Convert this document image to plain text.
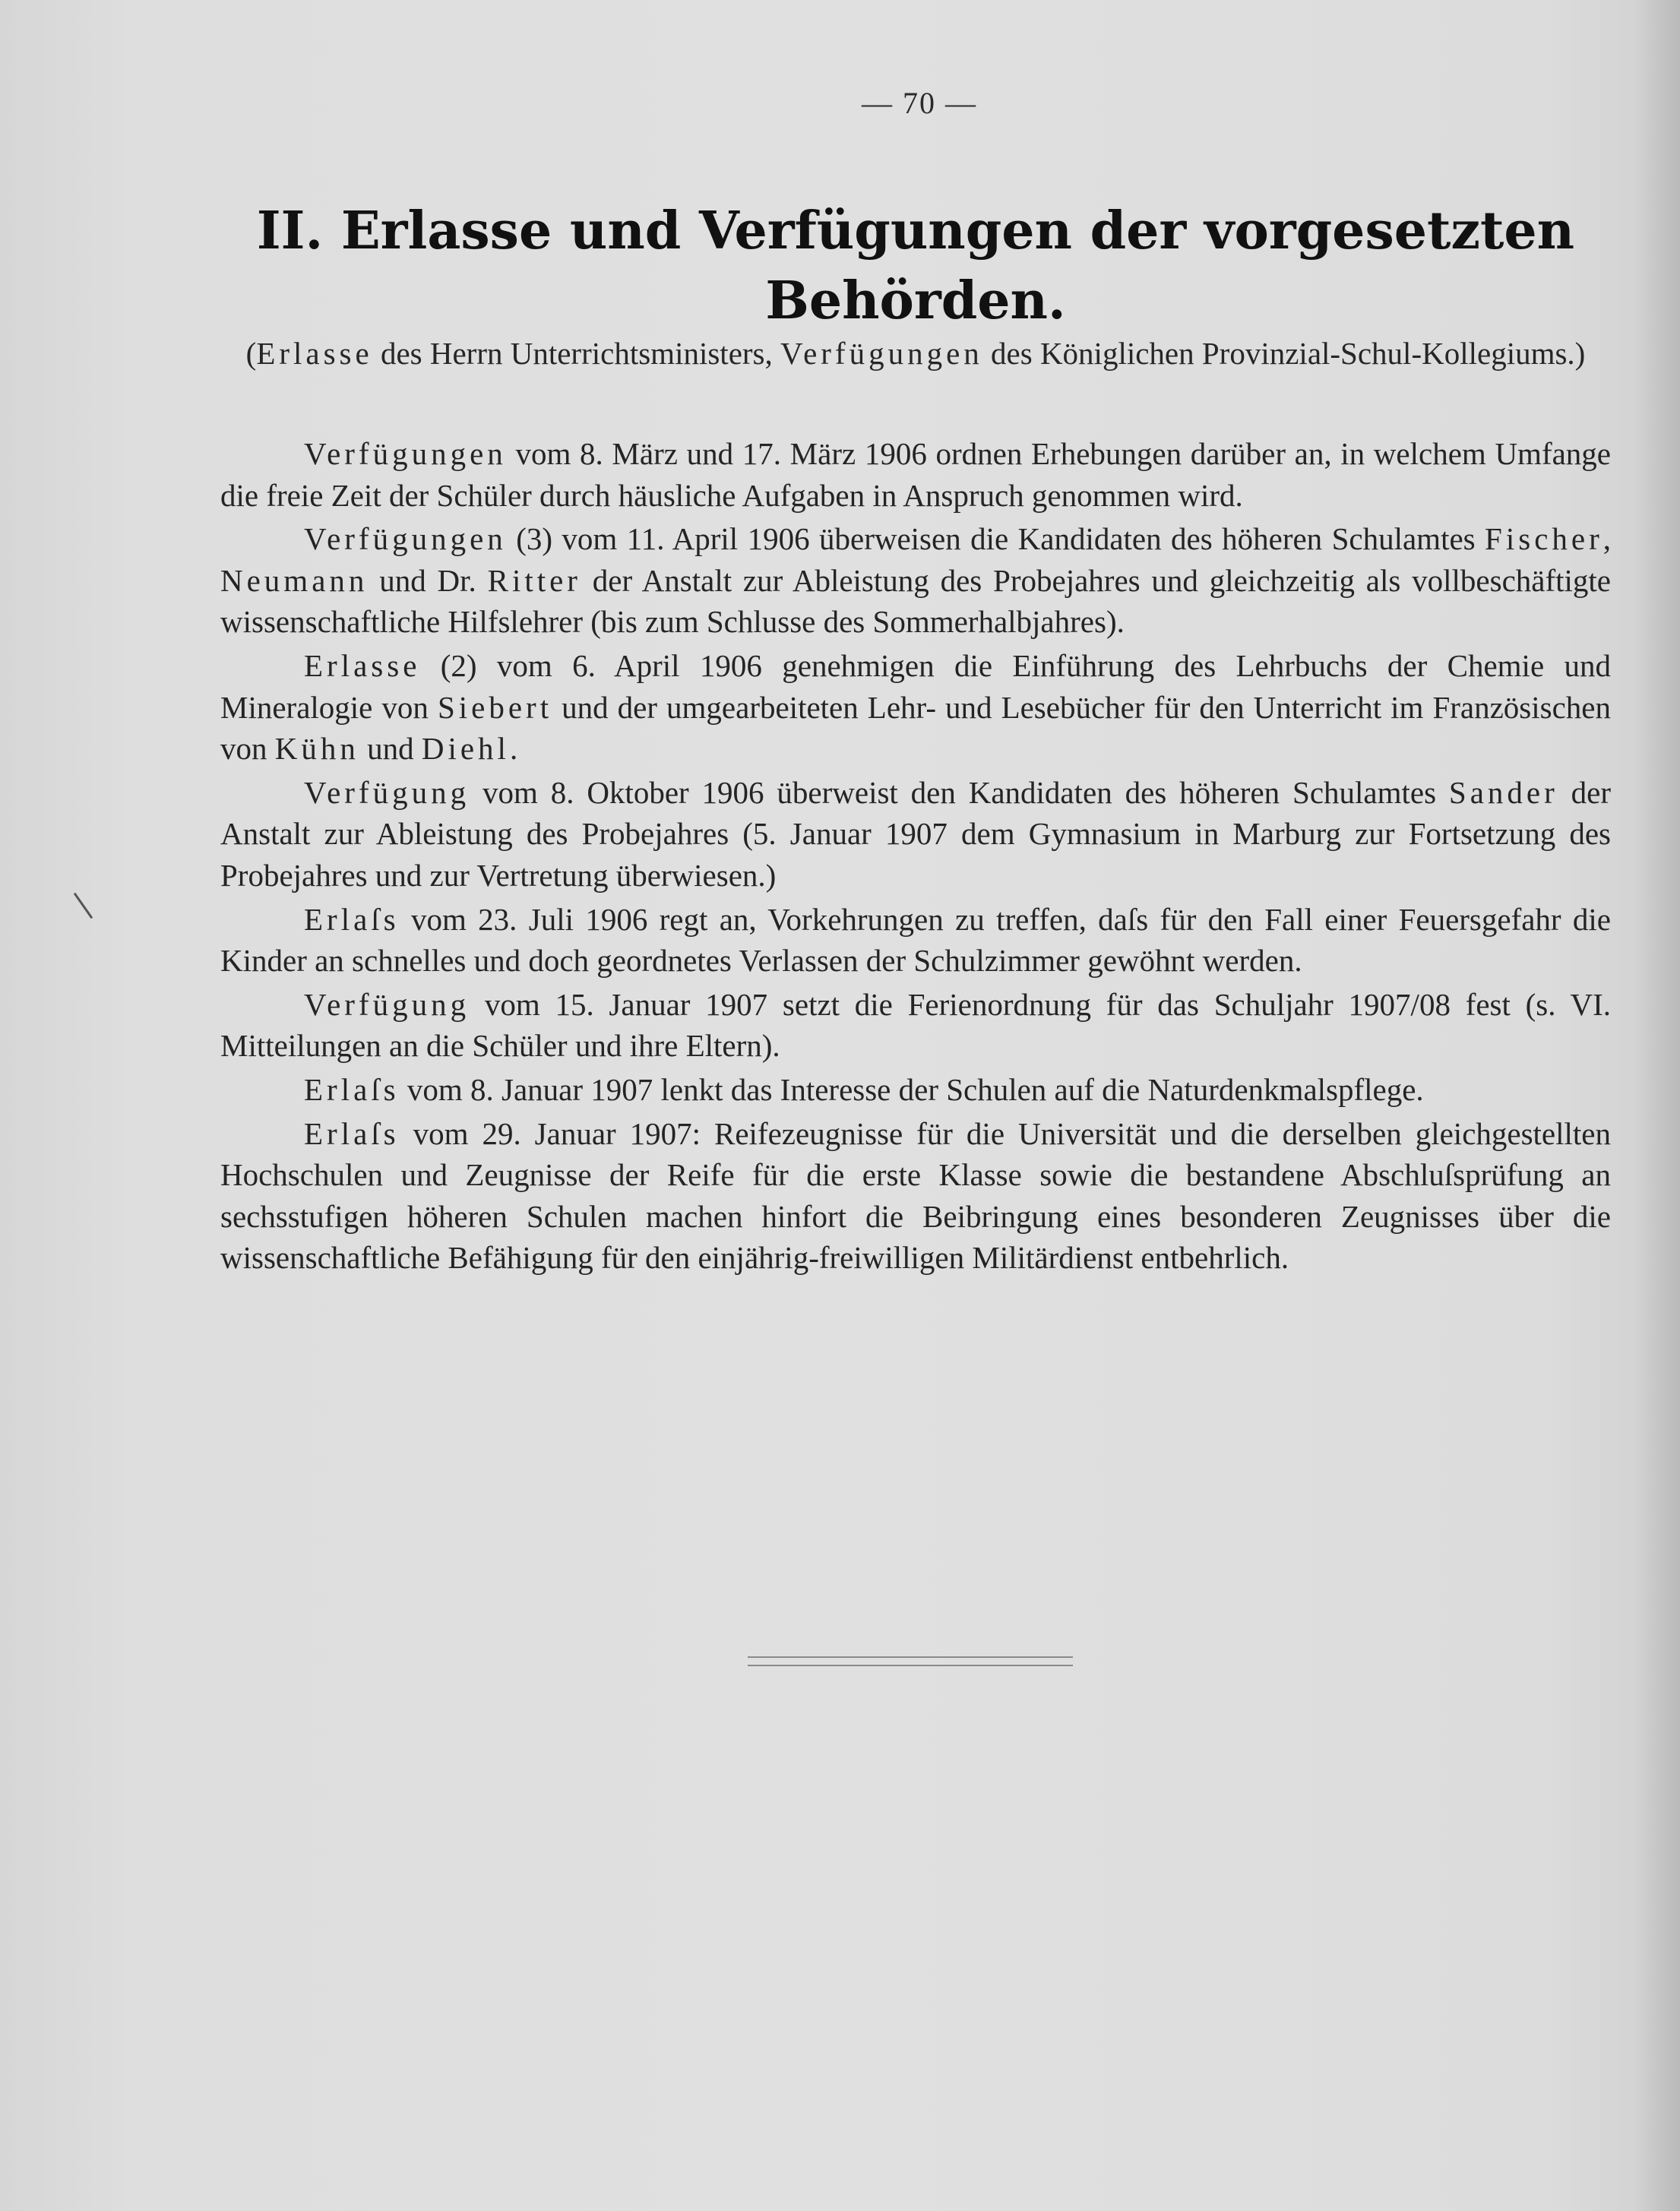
— 70 —
II. Erlasse und Verfügungen der vorgesetzten
Behörden.
(Erlasse des Herrn Unterrichtsministers, Verfügungen des Königlichen Provinzial-Schul-Kollegiums.)

Verfügungen vom 8. März und 17. März 1906 ordnen Erhebungen darüber an, in welchem Umfange die freie Zeit der Schüler durch häusliche Aufgaben in Anspruch genommen wird.

Verfügungen (3) vom 11. April 1906 überweisen die Kandidaten des höheren Schulamtes Fischer, Neumann und Dr. Ritter der Anstalt zur Ableistung des Probejahres und gleichzeitig als vollbeschäftigte wissenschaftliche Hilfslehrer (bis zum Schlusse des Sommerhalbjahres).

Erlasse (2) vom 6. April 1906 genehmigen die Einführung des Lehrbuchs der Chemie und Mineralogie von Siebert und der umgearbeiteten Lehr- und Lesebücher für den Unterricht im Französischen von Kühn und Diehl.

Verfügung vom 8. Oktober 1906 überweist den Kandidaten des höheren Schulamtes Sander der Anstalt zur Ableistung des Probejahres (5. Januar 1907 dem Gymnasium in Marburg zur Fortsetzung des Probejahres und zur Vertretung überwiesen.)

Erlaſs vom 23. Juli 1906 regt an, Vorkehrungen zu treffen, daſs für den Fall einer Feuersgefahr die Kinder an schnelles und doch geordnetes Verlassen der Schulzimmer gewöhnt werden.

Verfügung vom 15. Januar 1907 setzt die Ferienordnung für das Schuljahr 1907/08 fest (s. VI. Mitteilungen an die Schüler und ihre Eltern).

Erlaſs vom 8. Januar 1907 lenkt das Interesse der Schulen auf die Naturdenkmalspflege.

Erlaſs vom 29. Januar 1907: Reifezeugnisse für die Universität und die derselben gleichgestellten Hochschulen und Zeugnisse der Reife für die erste Klasse sowie die bestandene Abschluſsprüfung an sechsstufigen höheren Schulen machen hinfort die Beibringung eines besonderen Zeugnisses über die wissenschaftliche Befähigung für den einjährig-freiwilligen Militärdienst entbehrlich.
